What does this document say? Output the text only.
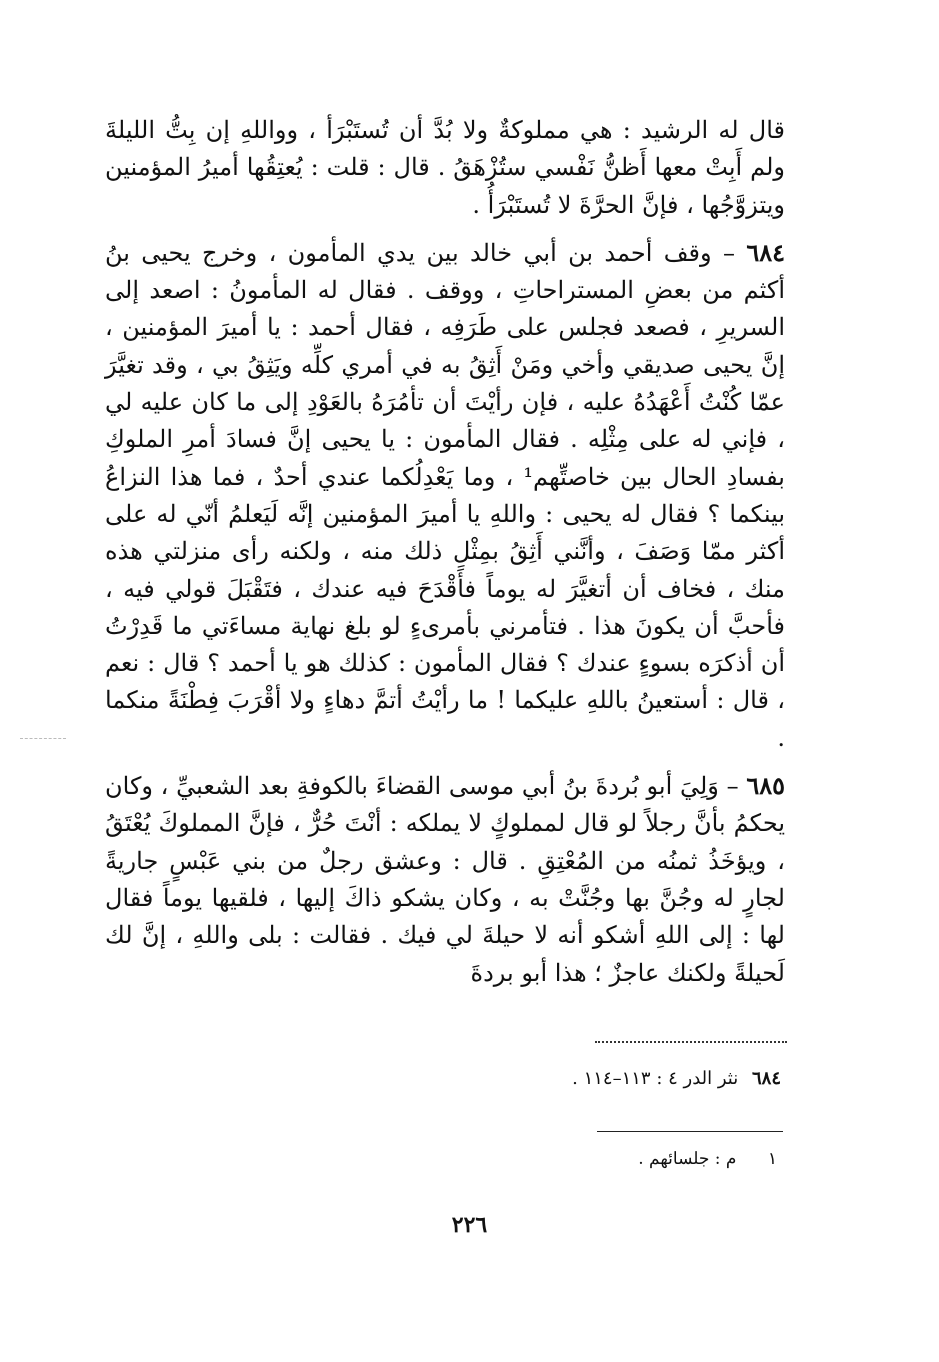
قال له الرشيد : هي مملوكةٌ ولا بُدَّ أن تُستَبْرَأ ، وواللهِ إن بِتُّ الليلةَ ولم أَبِتْ معها أَظنُّ نَفْسي ستُزْهَقُ . قال : قلت : يُعتِقُها أميرُ المؤمنين ويتزوَّجُها ، فإنَّ الحرَّةَ لا تُستَبْرَأُ .

٦٨٤ – وقف أحمد بن أبي خالد بين يدي المأمون ، وخرج يحيى بنُ أكثم من بعضِ المستراحاتِ ، ووقف . فقال له المأمونُ : اصعد إلى السريرِ ، فصعد فجلس على طَرَفِه ، فقال أحمد : يا أميرَ المؤمنين ، إنَّ يحيى صديقي وأخي ومَنْ أَثِقُ به في أمري كلِّه ويَثِقُ بي ، وقد تغيَّرَ عمّا كُنْتُ أَعْهَدُهُ عليه ، فإن رأيْتَ أن تأمُرَهُ بالعَوْدِ إلى ما كان عليه لي ، فإني له على مِثْلِه . فقال المأمون : يا يحيى إنَّ فسادَ أمرِ الملوكِ بفسادِ الحال بين خاصتِّهم¹ ، وما يَعْدِلُكما عندي أحدٌ ، فما هذا النزاعُ بينكما ؟ فقال له يحيى : واللهِ يا أميرَ المؤمنين إنَّه لَيَعلمُ أنّي له على أكثر ممّا وَصَفَ ، وأنَّني أَثِقُ بمِثْلِ ذلك منه ، ولكنه رأى منزلتي هذه منك ، فخاف أن أتغيَّرَ له يوماً فأَقْدَحَ فيه عندك ، فتَقْبَلَ قولي فيه ، فأحبَّ أن يكونَ هذا . فتأمرني بأمرىءٍ لو بلغ نهاية مساءَتي ما قَدِرْتُ أن أذكرَه بسوءٍ عندك ؟ فقال المأمون : كذلك هو يا أحمد ؟ قال : نعم ، قال : أستعينُ باللهِ عليكما ! ما رأيْتُ أتمَّ دهاءٍ ولا أقْرَبَ فِطْنَةً منكما .

٦٨٥ – وَلِيَ أبو بُردةَ بنُ أبي موسى القضاءَ بالكوفةِ بعد الشعبيِّ ، وكان يحكمُ بأنَّ رجلاً لو قال لمملوكٍ لا يملكه : أنْتَ حُرٌّ ، فإنَّ المملوكَ يُعْتَقُ ، ويؤخَذُ ثمنُه من المُعْتِقِ . قال : وعشق رجلٌ من بني عَبْسٍ جاريةً لجارٍ له وجُنَّ بها وجُنَّتْ به ، وكان يشكو ذاكَ إليها ، فلقيها يوماً فقال لها : إلى اللهِ أشكو أنه لا حيلةَ لي فيك . فقالت : بلى واللهِ ، إنَّ لك لَحيلةً ولكنك عاجزٌ ؛ هذا أبو بردةَ

٦٨٤ نثر الدر ٤ : ١١٣–١١٤ .
١ م : جلسائهم .
٢٢٦
